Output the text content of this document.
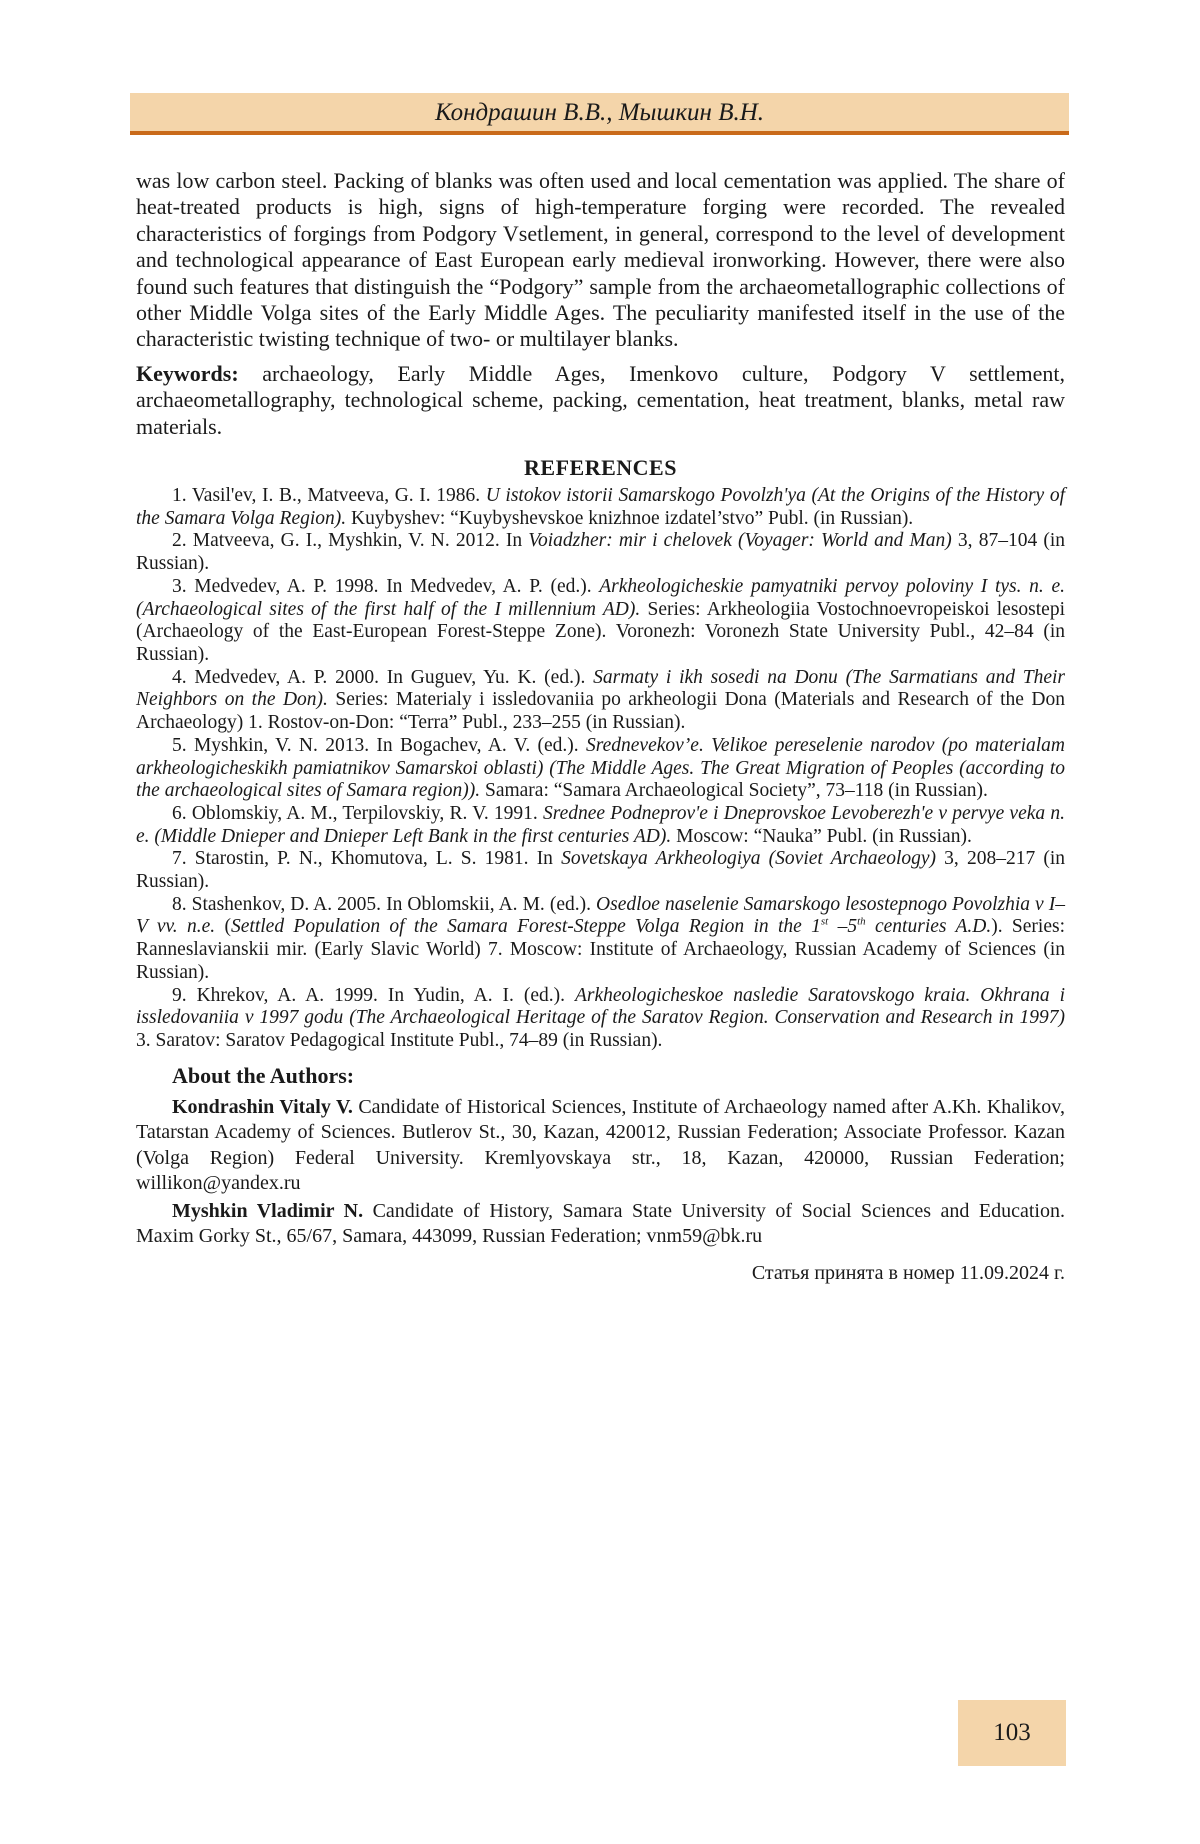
Кондрашин В.В., Мышкин В.Н.

was low carbon steel. Packing of blanks was often used and local cementation was applied. The share of heat-treated products is high, signs of high-temperature forging were recorded. The revealed characteristics of forgings from Podgory Vsetlement, in general, correspond to the level of development and technological appearance of East European early medieval ironworking. However, there were also found such features that distinguish the “Podgory” sample from the archaeometallographic collections of other Middle Volga sites of the Early Middle Ages. The peculiarity manifested itself in the use of the characteristic twisting technique of two- or multilayer blanks.

Keywords: archaeology, Early Middle Ages, Imenkovo culture, Podgory V settlement, archaeometallography, technological scheme, packing, cementation, heat treatment, blanks, metal raw materials.

REFERENCES

1. Vasil'ev, I. B., Matveeva, G. I. 1986. U istokov istorii Samarskogo Povolzh'ya (At the Origins of the History of the Samara Volga Region). Kuybyshev: “Kuybyshevskoe knizhnoe izdatel’stvo” Publ. (in Russian).

2. Matveeva, G. I., Myshkin, V. N. 2012. In Voiadzher: mir i chelovek (Voyager: World and Man) 3, 87–104 (in Russian).

3. Medvedev, A. P. 1998. In Medvedev, A. P. (ed.). Arkheologicheskie pamyatniki pervoy poloviny I tys. n. e. (Archaeological sites of the first half of the I millennium AD). Series: Arkheologiia Vostochnoevropeiskoi lesostepi (Archaeology of the East-European Forest-Steppe Zone). Voronezh: Voronezh State University Publ., 42–84 (in Russian).

4. Medvedev, A. P. 2000. In Guguev, Yu. K. (ed.). Sarmaty i ikh sosedi na Donu (The Sarmatians and Their Neighbors on the Don). Series: Materialy i issledovaniia po arkheologii Dona (Materials and Research of the Don Archaeology) 1. Rostov-on-Don: “Terra” Publ., 233–255 (in Russian).

5. Myshkin, V. N. 2013. In Bogachev, A. V. (ed.). Srednevekov’e. Velikoe pereselenie narodov (po materialam arkheologicheskikh pamiatnikov Samarskoi oblasti) (The Middle Ages. The Great Migration of Peoples (according to the archaeological sites of Samara region)). Samara: “Samara Archaeological Society”, 73–118 (in Russian).

6. Oblomskiy, A. M., Terpilovskiy, R. V. 1991. Srednee Podneprov'e i Dneprovskoe Levoberezh'e v pervye veka n. e. (Middle Dnieper and Dnieper Left Bank in the first centuries AD). Moscow: “Nauka” Publ. (in Russian).

7. Starostin, P. N., Khomutova, L. S. 1981. In Sovetskaya Arkheologiya (Soviet Archaeology) 3, 208–217 (in Russian).

8. Stashenkov, D. A. 2005. In Oblomskii, A. M. (ed.). Osedloe naselenie Samarskogo lesostepnogo Povolzhia v I–V vv. n.e. (Settled Population of the Samara Forest-Steppe Volga Region in the 1st –5th centuries A.D.). Series: Ranneslavianskii mir. (Early Slavic World) 7. Moscow: Institute of Archaeology, Russian Academy of Sciences (in Russian).

9. Khrekov, A. A. 1999. In Yudin, A. I. (ed.). Arkheologicheskoe nasledie Saratovskogo kraia. Okhrana i issledovaniia v 1997 godu (The Archaeological Heritage of the Saratov Region. Conservation and Research in 1997) 3. Saratov: Saratov Pedagogical Institute Publ., 74–89 (in Russian).

About the Authors:

Kondrashin Vitaly V. Candidate of Historical Sciences, Institute of Archaeology named after A.Kh. Khalikov, Tatarstan Academy of Sciences. Butlerov St., 30, Kazan, 420012, Russian Federation; Associate Professor. Kazan (Volga Region) Federal University. Kremlyovskaya str., 18, Kazan, 420000, Russian Federation; willikon@yandex.ru

Myshkin Vladimir N. Candidate of History, Samara State University of Social Sciences and Education. Maxim Gorky St., 65/67, Samara, 443099, Russian Federation; vnm59@bk.ru

Статья принята в номер 11.09.2024 г.

103
